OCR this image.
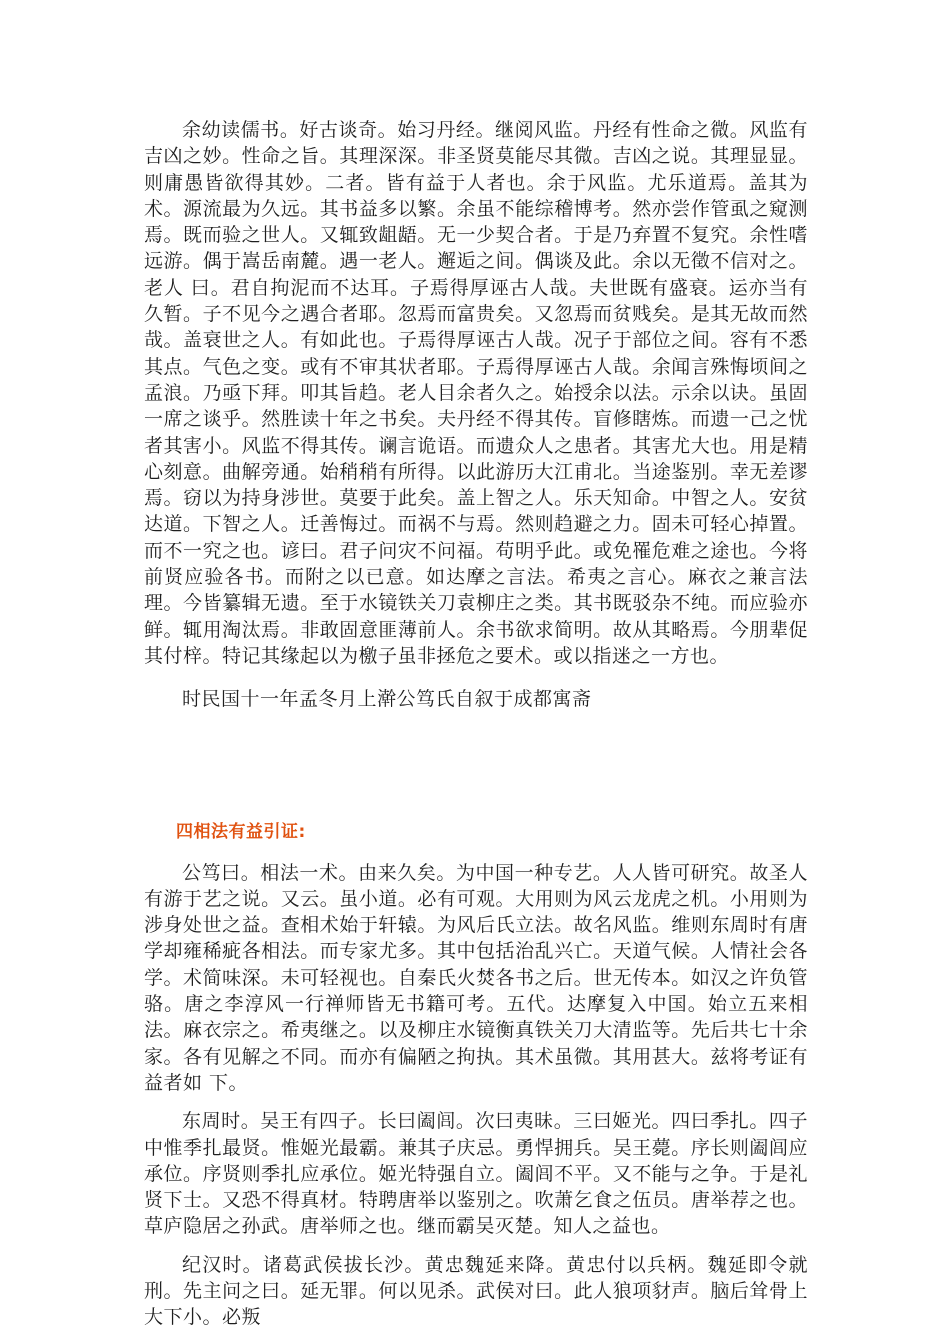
余幼读儒书。好古谈奇。始习丹经。继阅风监。丹经有性命之微。风监有吉凶之妙。性命之旨。其理深深。非圣贤莫能尽其微。吉凶之说。其理显显。则庸愚皆欲得其妙。二者。皆有益于人者也。余于风监。尤乐道焉。盖其为术。源流最为久远。其书益多以繁。余虽不能综稽博考。然亦尝作管虱之窥测焉。既而验之世人。又辄致龃龉。无一少契合者。于是乃弃置不复究。余性嗜远游。偶于嵩岳南麓。遇一老人。邂逅之间。偶谈及此。余以无徵不信对之。老人 曰。君自拘泥而不达耳。子焉得厚诬古人哉。夫世既有盛衰。运亦当有久暂。子不见今之遇合者耶。忽焉而富贵矣。又忽焉而贫贱矣。是其无故而然哉。盖衰世之人。有如此也。子焉得厚诬古人哉。况子于部位之间。容有不悉其点。气色之变。或有不审其状者耶。子焉得厚诬古人哉。余闻言殊悔顷间之孟浪。乃亟下拜。叩其旨趋。老人目余者久之。始授余以法。示余以诀。虽固一席之谈乎。然胜读十年之书矣。夫丹经不得其传。盲修瞎炼。而遗一己之忧者其害小。风监不得其传。谰言诡语。而遗众人之患者。其害尤大也。用是精心刻意。曲解旁通。始稍稍有所得。以此游历大江甫北。当途鉴别。幸无差谬焉。窃以为持身涉世。莫要于此矣。盖上智之人。乐天知命。中智之人。安贫达道。下智之人。迁善悔过。而祸不与焉。然则趋避之力。固未可轻心掉置。而不一究之也。谚曰。君子问灾不问福。苟明乎此。或免罹危难之途也。今将前贤应验各书。而附之以已意。如达摩之言法。希夷之言心。麻衣之兼言法理。今皆纂辑无遗。至于水镜铁关刀袁柳庄之类。其书既驳杂不纯。而应验亦鲜。辄用淘汰焉。非敢固意匪薄前人。余书欲求简明。故从其略焉。今朋辈促其付梓。特记其缘起以为檄子虽非拯危之要术。或以指迷之一方也。

时民国十一年孟冬月上澣公笃氏自叙于成都寓斋

四相法有益引证:

公笃曰。相法一术。由来久矣。为中国一种专艺。人人皆可研究。故圣人有游于艺之说。又云。虽小道。必有可观。大用则为风云龙虎之机。小用则为涉身处世之益。查相术始于轩辕。为风后氏立法。故名风监。维则东周时有唐学却雍稀疵各相法。而专家尤多。其中包括治乱兴亡。天道气候。人情社会各学。术简味深。未可轻视也。自秦氏火焚各书之后。世无传本。如汉之许负管骆。唐之李淳风一行禅师皆无书籍可考。五代。达摩复入中国。始立五来相法。麻衣宗之。希夷继之。以及柳庄水镜衡真铁关刀大清监等。先后共七十余家。各有见解之不同。而亦有偏陋之拘执。其术虽微。其用甚大。兹将考证有益者如 下。

东周时。吴王有四子。长曰阖闾。次曰夷昧。三曰姬光。四曰季扎。四子中惟季扎最贤。惟姬光最霸。兼其子庆忌。勇悍拥兵。吴王薨。序长则阖闾应承位。序贤则季扎应承位。姬光特强自立。阖闾不平。又不能与之争。于是礼贤下士。又恐不得真材。特聘唐举以鉴别之。吹萧乞食之伍员。唐举荐之也。草庐隐居之孙武。唐举师之也。继而霸吴灭楚。知人之益也。

纪汉时。诸葛武侯拔长沙。黄忠魏延来降。黄忠付以兵柄。魏延即令就刑。先主问之曰。延无罪。何以见杀。武侯对曰。此人狼项豺声。脑后耸骨上大下小。必叛
